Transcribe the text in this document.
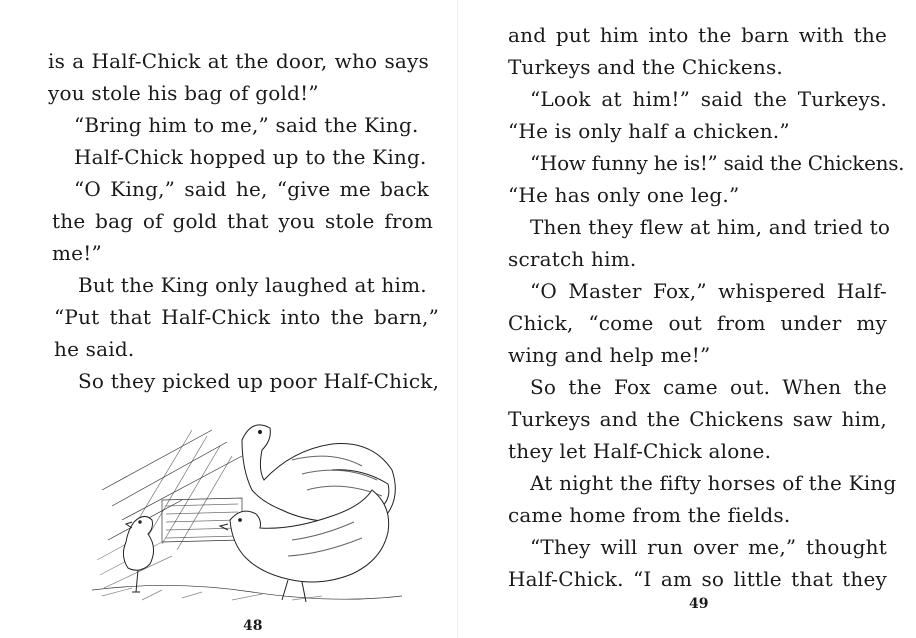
is a Half-Chick at the door, who says
you stole his bag of gold!”
“Bring him to me,” said the King.
Half-Chick hopped up to the King.
“O King,” said he, “give me back
the bag of gold that you stole from
me!”
But the King only laughed at him.
“Put that Half-Chick into the barn,”
he said.
So they picked up poor Half-Chick,
48
and put him into the barn with the
Turkeys and the Chickens.
“Look at him!” said the Turkeys.
“He is only half a chicken.”
“How funny he is!” said the Chickens.
“He has only one leg.”
Then they flew at him, and tried to
scratch him.
“O Master Fox,” whispered Half-
Chick, “come out from under my
wing and help me!”
So the Fox came out. When the
Turkeys and the Chickens saw him,
they let Half-Chick alone.
At night the fifty horses of the King
came home from the fields.
“They will run over me,” thought
Half-Chick. “I am so little that they
49
